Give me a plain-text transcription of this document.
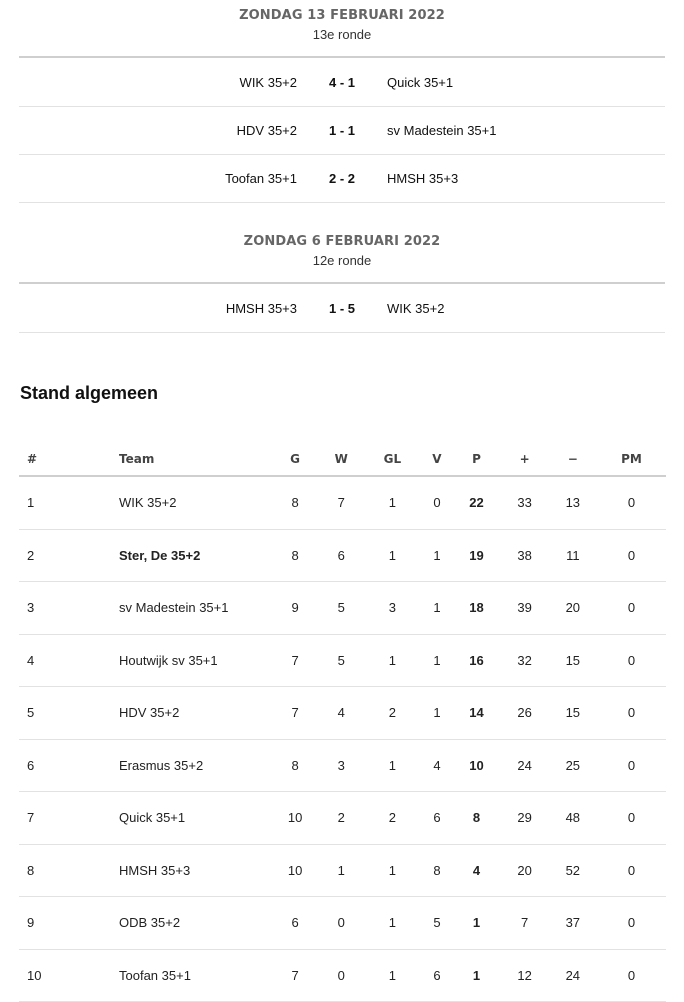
ZONDAG 13 FEBRUARI 2022
13e ronde
WIK 35+2	4 - 1	Quick 35+1
HDV 35+2	1 - 1	sv Madestein 35+1
Toofan 35+1	2 - 2	HMSH 35+3
ZONDAG 6 FEBRUARI 2022
12e ronde
HMSH 35+3	1 - 5	WIK 35+2
Stand algemeen
#	Team	G	W	GL	V	P	+	−	PM
1	WIK 35+2	8	7	1	0	22	33	13	0
2	Ster, De 35+2	8	6	1	1	19	38	11	0
3	sv Madestein 35+1	9	5	3	1	18	39	20	0
4	Houtwijk sv 35+1	7	5	1	1	16	32	15	0
5	HDV 35+2	7	4	2	1	14	26	15	0
6	Erasmus 35+2	8	3	1	4	10	24	25	0
7	Quick 35+1	10	2	2	6	8	29	48	0
8	HMSH 35+3	10	1	1	8	4	20	52	0
9	ODB 35+2	6	0	1	5	1	7	37	0
10	Toofan 35+1	7	0	1	6	1	12	24	0
